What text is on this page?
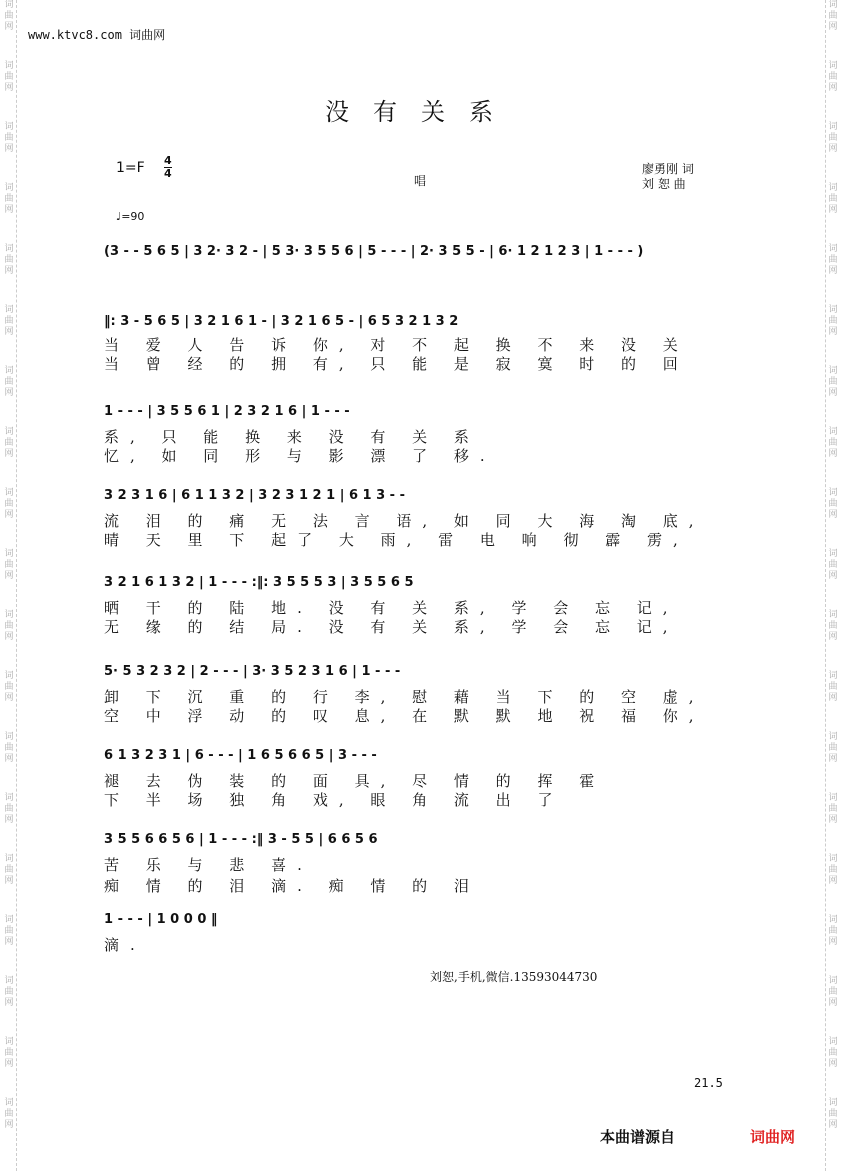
词
曲
网
词
曲
网
词
曲
网
词
曲
网
词
曲
网
词
曲
网
词
曲
网
词
曲
网
词
曲
网
词
曲
网
词
曲
网
词
曲
网
词
曲
网
词
曲
网
词
曲
网
词
曲
网
词
曲
网
词
曲
网
词
曲
网
词
曲
网
词
曲
网
词
曲
网
词
曲
网
词
曲
网
词
曲
网
词
曲
网
词
曲
网
词
曲
网
词
曲
网
词
曲
网
词
曲
网
词
曲
网
词
曲
网
词
曲
网
词
曲
网
词
曲
网
词
曲
网
词
曲
网
www.ktvc8.com 词曲网
没有关系
1=F 4
4
唱
廖勇刚 词
刘 恕 曲
♩=90
(3 - - 5 6 5 | 3 2· 3 2 - | 5 3· 3 5 5 6 | 5 - - - | 2· 3 5 5 - | 6· 1 2 1 2 3 | 1 - - - )
‖: 3 - 5 6 5 | 3 2 1 6 1 - | 3 2 1 6 5 - | 6 5 3 2 1 3 2
当 爱 人 告 诉 你, 对 不 起 换 不 来 没 关
当 曾 经 的 拥 有, 只 能 是 寂 寞 时 的 回
1 - - - | 3 5 5 6 1 | 2 3 2 1 6 | 1 - - -
系, 只 能 换 来 没 有 关 系
忆, 如 同 形 与 影 漂 了 移.
3 2 3 1 6 | 6 1 1 3 2 | 3 2 3 1 2 1 | 6 1 3 - -
流 泪 的 痛 无 法 言 语, 如 同 大 海 淘 底,
晴 天 里 下 起了 大 雨, 雷 电 响 彻 霹 雳,
3 2 1 6 1 3 2 | 1 - - - :‖: 3 5 5 5 3 | 3 5 5 6 5
晒 干 的 陆 地. 没 有 关 系, 学 会 忘 记,
无 缘 的 结 局. 没 有 关 系, 学 会 忘 记,
5· 5 3 2 3 2 | 2 - - - | 3· 3 5 2 3 1 6 | 1 - - -
卸 下 沉 重 的 行 李, 慰 藉 当 下 的 空 虚,
空 中 浮 动 的 叹 息, 在 默 默 地 祝 福 你,
6 1 3 2 3 1 | 6 - - - | 1 6 5 6 6 5 | 3 - - -
褪 去 伪 装 的 面 具, 尽 情 的 挥 霍
下 半 场 独 角 戏, 眼 角 流 出 了
3 5 5 6 6 5 6 | 1 - - - :‖ 3 - 5 5 | 6 6 5 6
苦 乐 与 悲 喜.
痴 情 的 泪 滴. 痴 情 的 泪
1 - - - | 1 0 0 0 ‖
滴.
刘恕,手机,微信.13593044730
21.5
本曲谱源自	词曲网
